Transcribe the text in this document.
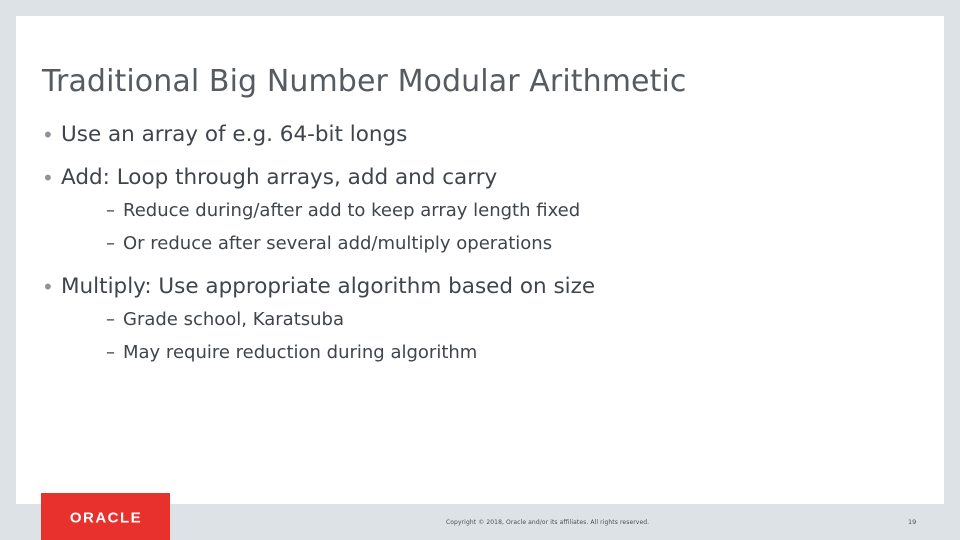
Traditional Big Number Modular Arithmetic
• Use an array of e.g. 64-bit longs
• Add: Loop through arrays, add and carry
– Reduce during/after add to keep array length fixed
– Or reduce after several add/multiply operations
• Multiply: Use appropriate algorithm based on size
– Grade school, Karatsuba
– May require reduction during algorithm
ORACLE	Copyright © 2018, Oracle and/or its affiliates. All rights reserved.	19
